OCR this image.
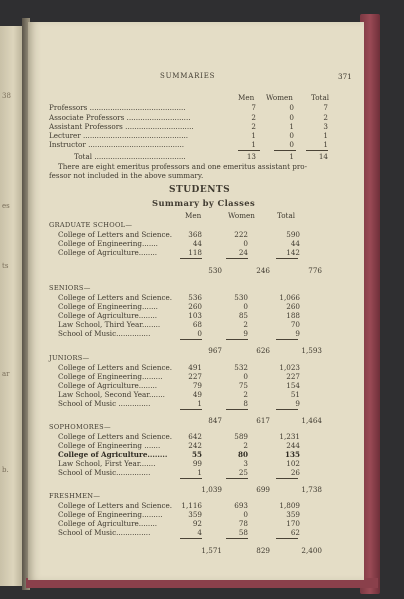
38
es
ts
ar
b.
SUMMARIES	371
Men Women	Total
Professors ..........................................	7	0	7
Associate Professors ............................	2	0	2
Assistant Professors ..............................	2	1	3
Lecturer ..............................................	1	0	1
Instructor ..........................................	1	0	1
Total ........................................	13	1	14
There are eight emeritus professors and one emeritus assistant pro-
fessor not included in the above summary.
STUDENTS
Summary by Classes
Men	Women	Total
GRADUATE SCHOOL—
College of Letters and Science.	368	222	590
College of Engineering.......	44	0	44
College of Agriculture........	118	24	142
530	246	776
SENIORS—
College of Letters and Science.	536	530	1,066
College of Engineering.......	260	0	260
College of Agriculture........	103	85	188
Law School, Third Year........	68	2	70
School of Music...............	0	9	9
967	626	1,593
JUNIORS—
College of Letters and Science.	491	532	1,023
College of Engineering.........	227	0	227
College of Agriculture........	79	75	154
Law School, Second Year.......	49	2	51
School of Music ..............	1	8	9
847	617	1,464
SOPHOMORES—
College of Letters and Science.	642	589	1,231
College of Engineering .......	242	2	244
College of Agriculture........	55	80	135
Law School, First Year.......	99	3	102
School of Music...............	1	25	26
1,039	699	1,738
FRESHMEN—
College of Letters and Science.	1,116	693	1,809
College of Engineering.........	359	0	359
College of Agriculture........	92	78	170
School of Music...............	4	58	62
1,571	829	2,400
